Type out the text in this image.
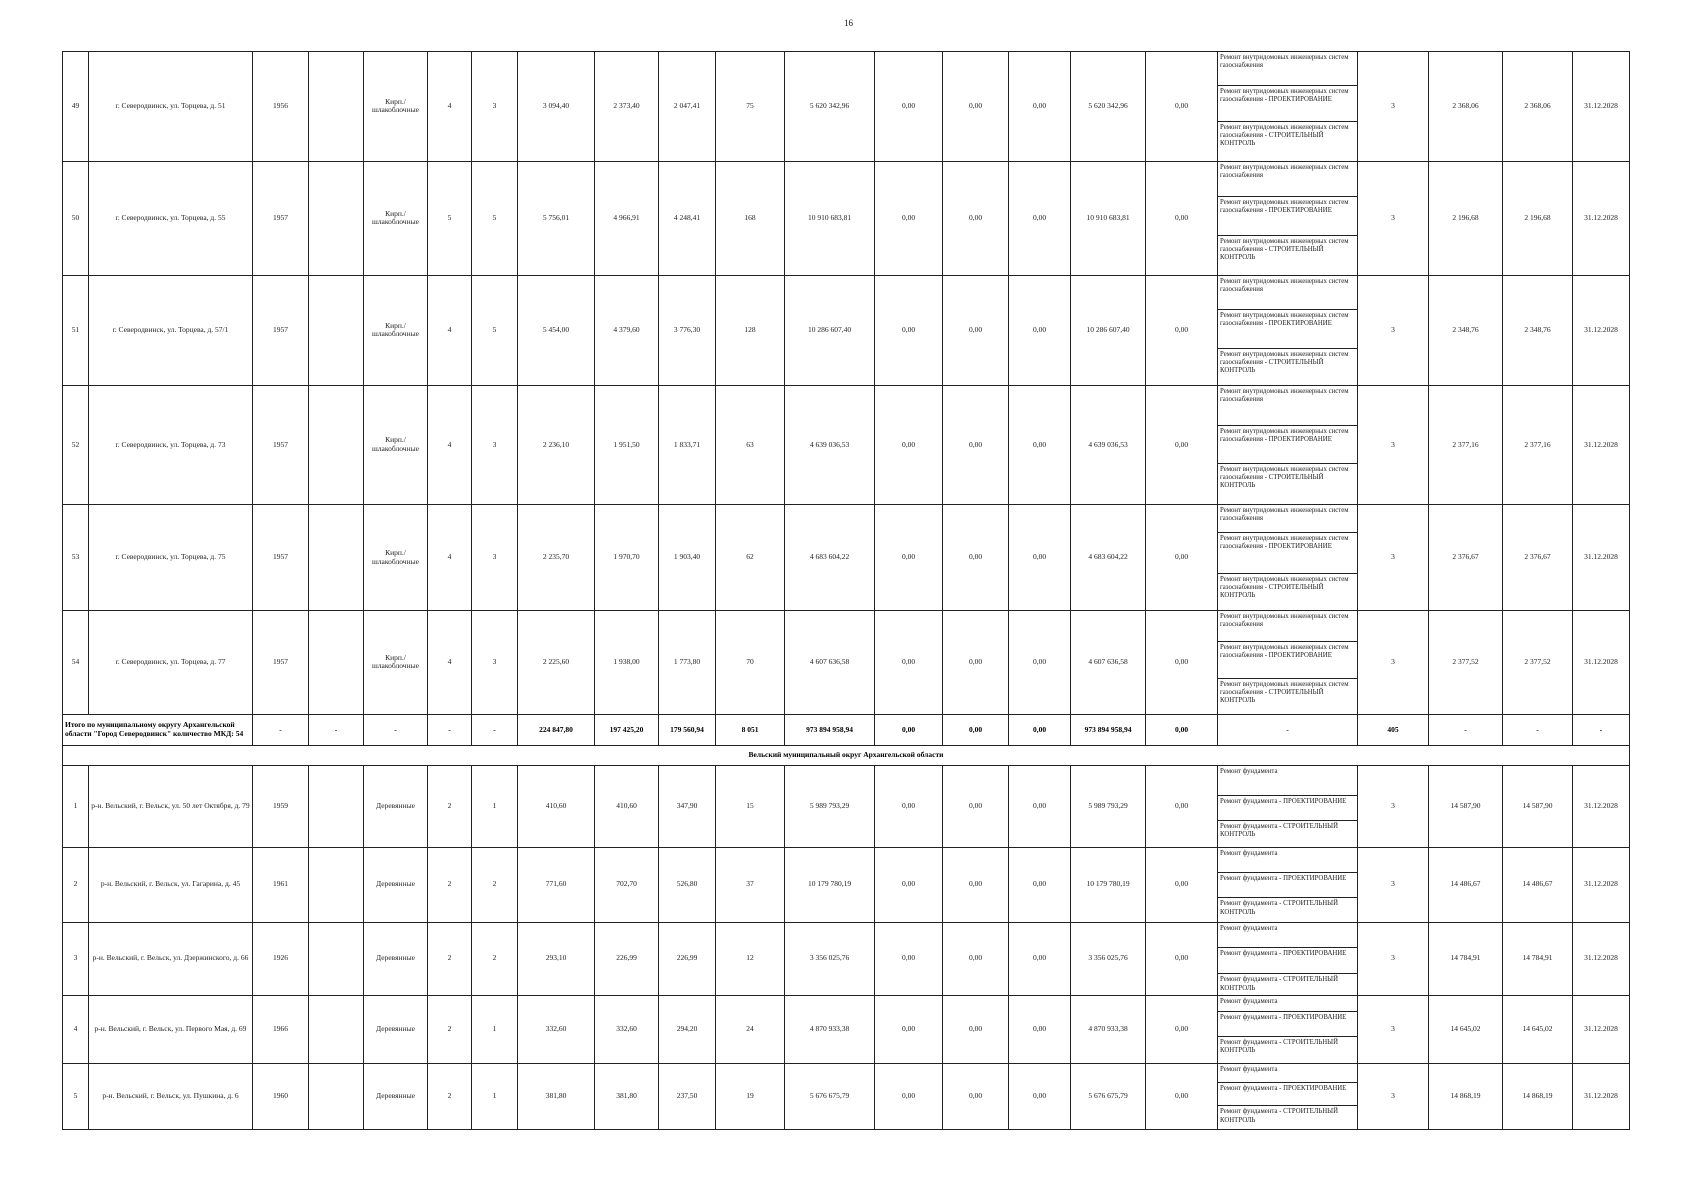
16
49	г. Северодвинск, ул. Торцева, д. 51	1956		Кирп./ шлакоблочные	4	3	3 094,40	2 373,40	2 047,41	75	5 620 342,96	0,00	0,00	0,00	5 620 342,96	0,00	Ремонт внутридомовых инженерных систем газоснабжения	3	2 368,06	2 368,06	31.12.2028
																	Ремонт внутридомовых инженерных систем газоснабжения - ПРОЕКТИРОВАНИЕ				
																	Ремонт внутридомовых инженерных систем газоснабжения - СТРОИТЕЛЬНЫЙ КОНТРОЛЬ				
50	г. Северодвинск, ул. Торцева, д. 55	1957		Кирп./ шлакоблочные	5	5	5 756,01	4 966,91	4 248,41	168	10 910 683,81	0,00	0,00	0,00	10 910 683,81	0,00	Ремонт внутридомовых инженерных систем газоснабжения	3	2 196,68	2 196,68	31.12.2028
																	Ремонт внутридомовых инженерных систем газоснабжения - ПРОЕКТИРОВАНИЕ				
																	Ремонт внутридомовых инженерных систем газоснабжения - СТРОИТЕЛЬНЫЙ КОНТРОЛЬ				
51	г. Северодвинск, ул. Торцева, д. 57/1	1957		Кирп./ шлакоблочные	4	5	5 454,00	4 379,60	3 776,30	128	10 286 607,40	0,00	0,00	0,00	10 286 607,40	0,00	Ремонт внутридомовых инженерных систем газоснабжения	3	2 348,76	2 348,76	31.12.2028
																	Ремонт внутридомовых инженерных систем газоснабжения - ПРОЕКТИРОВАНИЕ				
																	Ремонт внутридомовых инженерных систем газоснабжения - СТРОИТЕЛЬНЫЙ КОНТРОЛЬ				
52	г. Северодвинск, ул. Торцева, д. 73	1957		Кирп./ шлакоблочные	4	3	2 236,10	1 951,50	1 833,71	63	4 639 036,53	0,00	0,00	0,00	4 639 036,53	0,00	Ремонт внутридомовых инженерных систем газоснабжения	3	2 377,16	2 377,16	31.12.2028
																	Ремонт внутридомовых инженерных систем газоснабжения - ПРОЕКТИРОВАНИЕ				
																	Ремонт внутридомовых инженерных систем газоснабжения - СТРОИТЕЛЬНЫЙ КОНТРОЛЬ				
53	г. Северодвинск, ул. Торцева, д. 75	1957		Кирп./ шлакоблочные	4	3	2 235,70	1 970,70	1 903,40	62	4 683 604,22	0,00	0,00	0,00	4 683 604,22	0,00	Ремонт внутридомовых инженерных систем газоснабжения	3	2 376,67	2 376,67	31.12.2028
																	Ремонт внутридомовых инженерных систем газоснабжения - ПРОЕКТИРОВАНИЕ				
																	Ремонт внутридомовых инженерных систем газоснабжения - СТРОИТЕЛЬНЫЙ КОНТРОЛЬ				
54	г. Северодвинск, ул. Торцева, д. 77	1957		Кирп./ шлакоблочные	4	3	2 225,60	1 938,00	1 773,80	70	4 607 636,58	0,00	0,00	0,00	4 607 636,58	0,00	Ремонт внутридомовых инженерных систем газоснабжения	3	2 377,52	2 377,52	31.12.2028
																	Ремонт внутридомовых инженерных систем газоснабжения - ПРОЕКТИРОВАНИЕ				
																	Ремонт внутридомовых инженерных систем газоснабжения - СТРОИТЕЛЬНЫЙ КОНТРОЛЬ				
Итого по муниципальному округу Архангельской области "Город Северодвинск" количество МКД: 54		-	-	-	-	-	224 847,80	197 425,20	179 560,94	8 051	973 894 958,94	0,00	0,00	0,00	973 894 958,94	0,00	-	405	-	-	-
Вельский муниципальный округ Архангельской области																					
1	р-н. Вельский, г. Вельск, ул. 50 лет Октября, д. 79	1959		Деревянные	2	1	410,60	410,60	347,90	15	5 989 793,29	0,00	0,00	0,00	5 989 793,29	0,00	Ремонт фундамента	3	14 587,90	14 587,90	31.12.2028
																	Ремонт фундамента - ПРОЕКТИРОВАНИЕ				
																	Ремонт фундамента - СТРОИТЕЛЬНЫЙ КОНТРОЛЬ				
2	р-н. Вельский, г. Вельск, ул. Гагарина, д. 45	1961		Деревянные	2	2	771,60	702,70	526,80	37	10 179 780,19	0,00	0,00	0,00	10 179 780,19	0,00	Ремонт фундамента	3	14 486,67	14 486,67	31.12.2028
																	Ремонт фундамента - ПРОЕКТИРОВАНИЕ				
																	Ремонт фундамента - СТРОИТЕЛЬНЫЙ КОНТРОЛЬ				
3	р-н. Вельский, г. Вельск, ул. Дзержинского, д. 66	1926		Деревянные	2	2	293,10	226,99	226,99	12	3 356 025,76	0,00	0,00	0,00	3 356 025,76	0,00	Ремонт фундамента	3	14 784,91	14 784,91	31.12.2028
																	Ремонт фундамента - ПРОЕКТИРОВАНИЕ				
																	Ремонт фундамента - СТРОИТЕЛЬНЫЙ КОНТРОЛЬ				
4	р-н. Вельский, г. Вельск, ул. Первого Мая, д. 69	1966		Деревянные	2	1	332,60	332,60	294,20	24	4 870 933,38	0,00	0,00	0,00	4 870 933,38	0,00	Ремонт фундамента	3	14 645,02	14 645,02	31.12.2028
																	Ремонт фундамента - ПРОЕКТИРОВАНИЕ				
																	Ремонт фундамента - СТРОИТЕЛЬНЫЙ КОНТРОЛЬ				
5	р-н. Вельский, г. Вельск, ул. Пушкина, д. 6	1960		Деревянные	2	1	381,80	381,80	237,50	19	5 676 675,79	0,00	0,00	0,00	5 676 675,79	0,00	Ремонт фундамента	3	14 868,19	14 868,19	31.12.2028
																	Ремонт фундамента - ПРОЕКТИРОВАНИЕ				
																	Ремонт фундамента - СТРОИТЕЛЬНЫЙ КОНТРОЛЬ				
